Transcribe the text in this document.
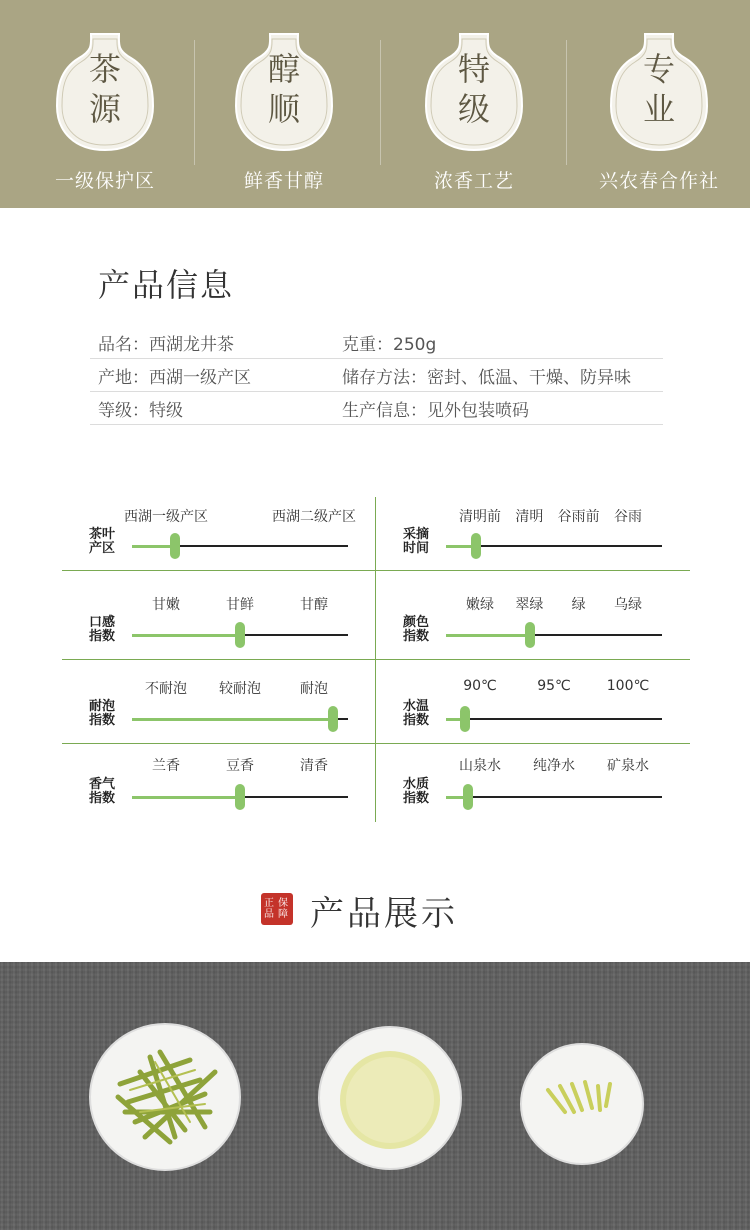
茶
源
一级保护区
醇
顺
鲜香甘醇
特
级
浓香工艺
专
业
兴农春合作社
产品信息
品名：西湖龙井茶	克重：250g
产地：西湖一级产区	储存方法：密封、低温、干燥、防异味
等级：特级	生产信息：见外包装喷码
茶叶
产区
西湖一级产区	西湖二级产区
采摘
时间
清明前 清明 谷雨前 谷雨
口感
指数
甘嫩	甘鲜	甘醇
颜色
指数
嫩绿 翠绿 绿 乌绿
耐泡
指数
不耐泡 较耐泡	耐泡
水温
指数
90℃	95℃	100℃
香气
指数
兰香	豆香	清香
水质
指数
山泉水 纯净水 矿泉水
正品
保障 产品展示
